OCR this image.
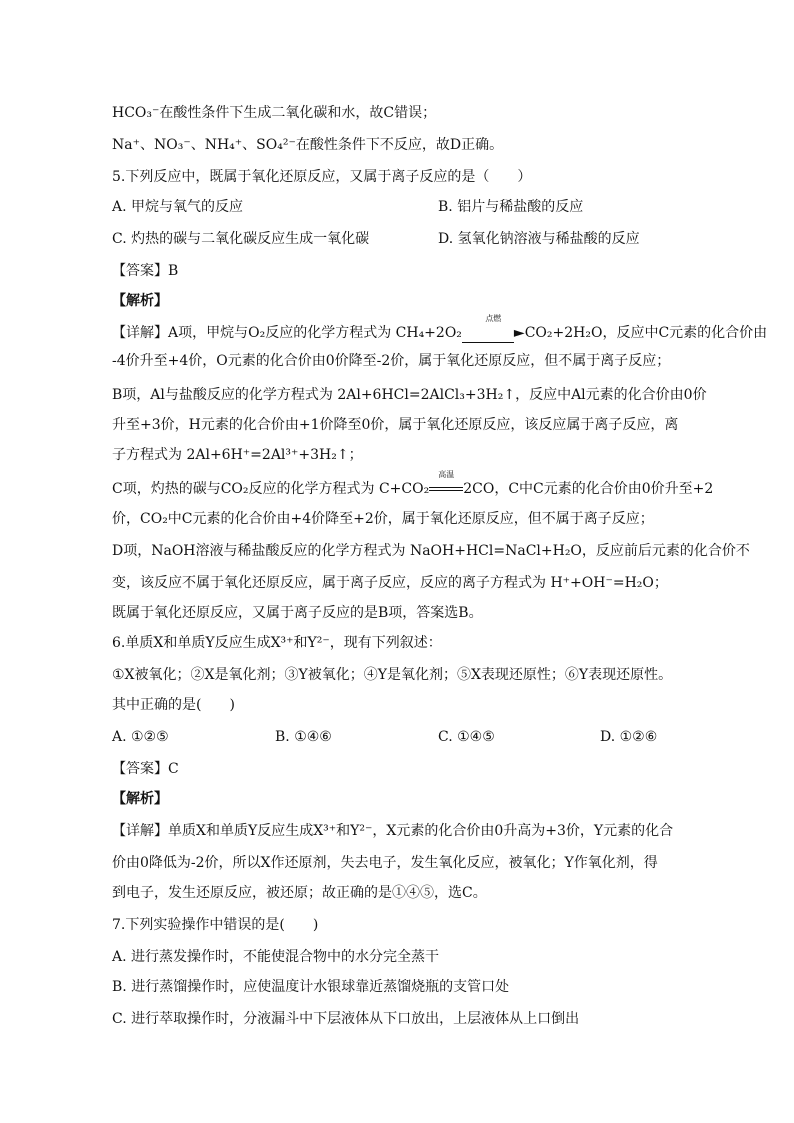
HCO₃⁻在酸性条件下生成二氧化碳和水，故C错误；
Na⁺、NO₃⁻、NH₄⁺、SO₄²⁻在酸性条件下不反应，故D正确。
5.下列反应中，既属于氧化还原反应，又属于离子反应的是（　　）
A. 甲烷与氧气的反应	B. 铝片与稀盐酸的反应
C. 灼热的碳与二氧化碳反应生成一氧化碳	D. 氢氧化钠溶液与稀盐酸的反应
【答案】B
【解析】
【详解】A项，甲烷与O₂反应的化学方程式为 CH₄+2O₂
点燃
►CO₂+2H₂O，反应中C元素的化合价由
-4价升至+4价，O元素的化合价由0价降至-2价，属于氧化还原反应，但不属于离子反应；
B项，Al与盐酸反应的化学方程式为 2Al+6HCl=2AlCl₃+3H₂↑，反应中Al元素的化合价由0价
升至+3价，H元素的化合价由+1价降至0价，属于氧化还原反应，该反应属于离子反应，离
子方程式为 2Al+6H⁺=2Al³⁺+3H₂↑；
C项，灼热的碳与CO₂反应的化学方程式为 C+CO₂
高温
2CO，C中C元素的化合价由0价升至+2
价，CO₂中C元素的化合价由+4价降至+2价，属于氧化还原反应，但不属于离子反应；
D项，NaOH溶液与稀盐酸反应的化学方程式为 NaOH+HCl=NaCl+H₂O，反应前后元素的化合价不
变，该反应不属于氧化还原反应，属于离子反应，反应的离子方程式为 H⁺+OH⁻=H₂O；
既属于氧化还原反应，又属于离子反应的是B项，答案选B。
6.单质X和单质Y反应生成X³⁺和Y²⁻，现有下列叙述：
①X被氧化；②X是氧化剂；③Y被氧化；④Y是氧化剂；⑤X表现还原性；⑥Y表现还原性。
其中正确的是(　　)
A. ①②⑤	B. ①④⑥	C. ①④⑤	D. ①②⑥
【答案】C
【解析】
【详解】单质X和单质Y反应生成X³⁺和Y²⁻，X元素的化合价由0升高为+3价，Y元素的化合
价由0降低为-2价，所以X作还原剂，失去电子，发生氧化反应，被氧化；Y作氧化剂，得
到电子，发生还原反应，被还原；故正确的是①④⑤，选C。
7.下列实验操作中错误的是(　　)
A. 进行蒸发操作时，不能使混合物中的水分完全蒸干
B. 进行蒸馏操作时，应使温度计水银球靠近蒸馏烧瓶的支管口处
C. 进行萃取操作时，分液漏斗中下层液体从下口放出，上层液体从上口倒出
